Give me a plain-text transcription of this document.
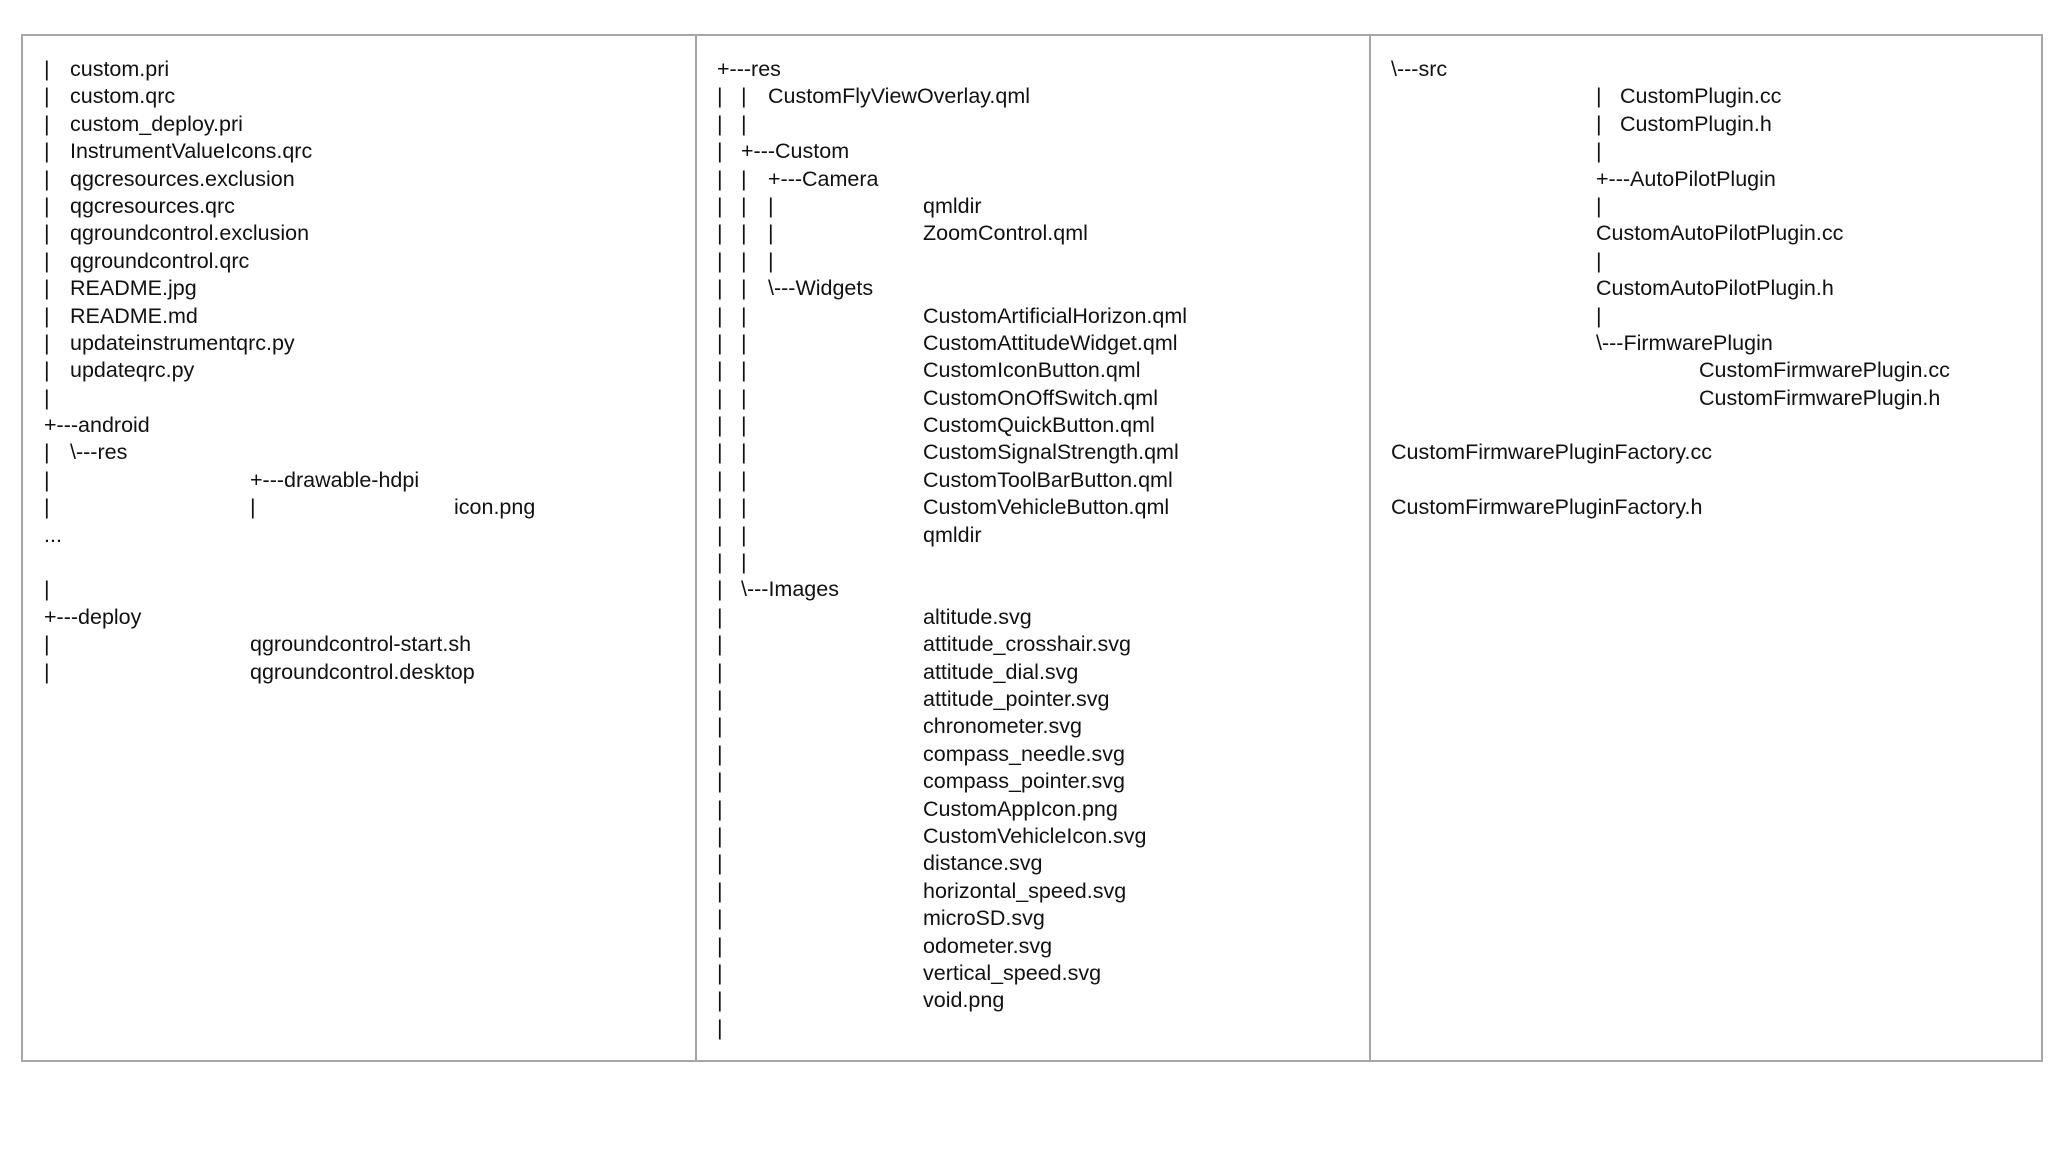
| custom.pri
| custom.qrc
| custom_deploy.pri
| InstrumentValueIcons.qrc
| qgcresources.exclusion
| qgcresources.qrc
| qgroundcontrol.exclusion
| qgroundcontrol.qrc
| README.jpg
| README.md
| updateinstrumentqrc.py
| updateqrc.py
|
+---android
| \---res
|	+---drawable-hdpi
|	|	icon.png
...
|
+---deploy
|	qgroundcontrol-start.sh
|	qgroundcontrol.desktop
+---res
| | CustomFlyViewOverlay.qml
| |
| +---Custom
| | +---Camera
| | |	qmldir
| | |	ZoomControl.qml
| | |
| | \---Widgets
| |	CustomArtificialHorizon.qml
| |	CustomAttitudeWidget.qml
| |	CustomIconButton.qml
| |	CustomOnOffSwitch.qml
| |	CustomQuickButton.qml
| |	CustomSignalStrength.qml
| |	CustomToolBarButton.qml
| |	CustomVehicleButton.qml
| |	qmldir
| |
| \---Images
|	altitude.svg
|	attitude_crosshair.svg
|	attitude_dial.svg
|	attitude_pointer.svg
|	chronometer.svg
|	compass_needle.svg
|	compass_pointer.svg
|	CustomAppIcon.png
|	CustomVehicleIcon.svg
|	distance.svg
|	horizontal_speed.svg
|	microSD.svg
|	odometer.svg
|	vertical_speed.svg
|	void.png
|
\---src
| CustomPlugin.cc
| CustomPlugin.h
|
+---AutoPilotPlugin
|
CustomAutoPilotPlugin.cc
|
CustomAutoPilotPlugin.h
|
\---FirmwarePlugin
CustomFirmwarePlugin.cc
CustomFirmwarePlugin.h
CustomFirmwarePluginFactory.cc
CustomFirmwarePluginFactory.h
